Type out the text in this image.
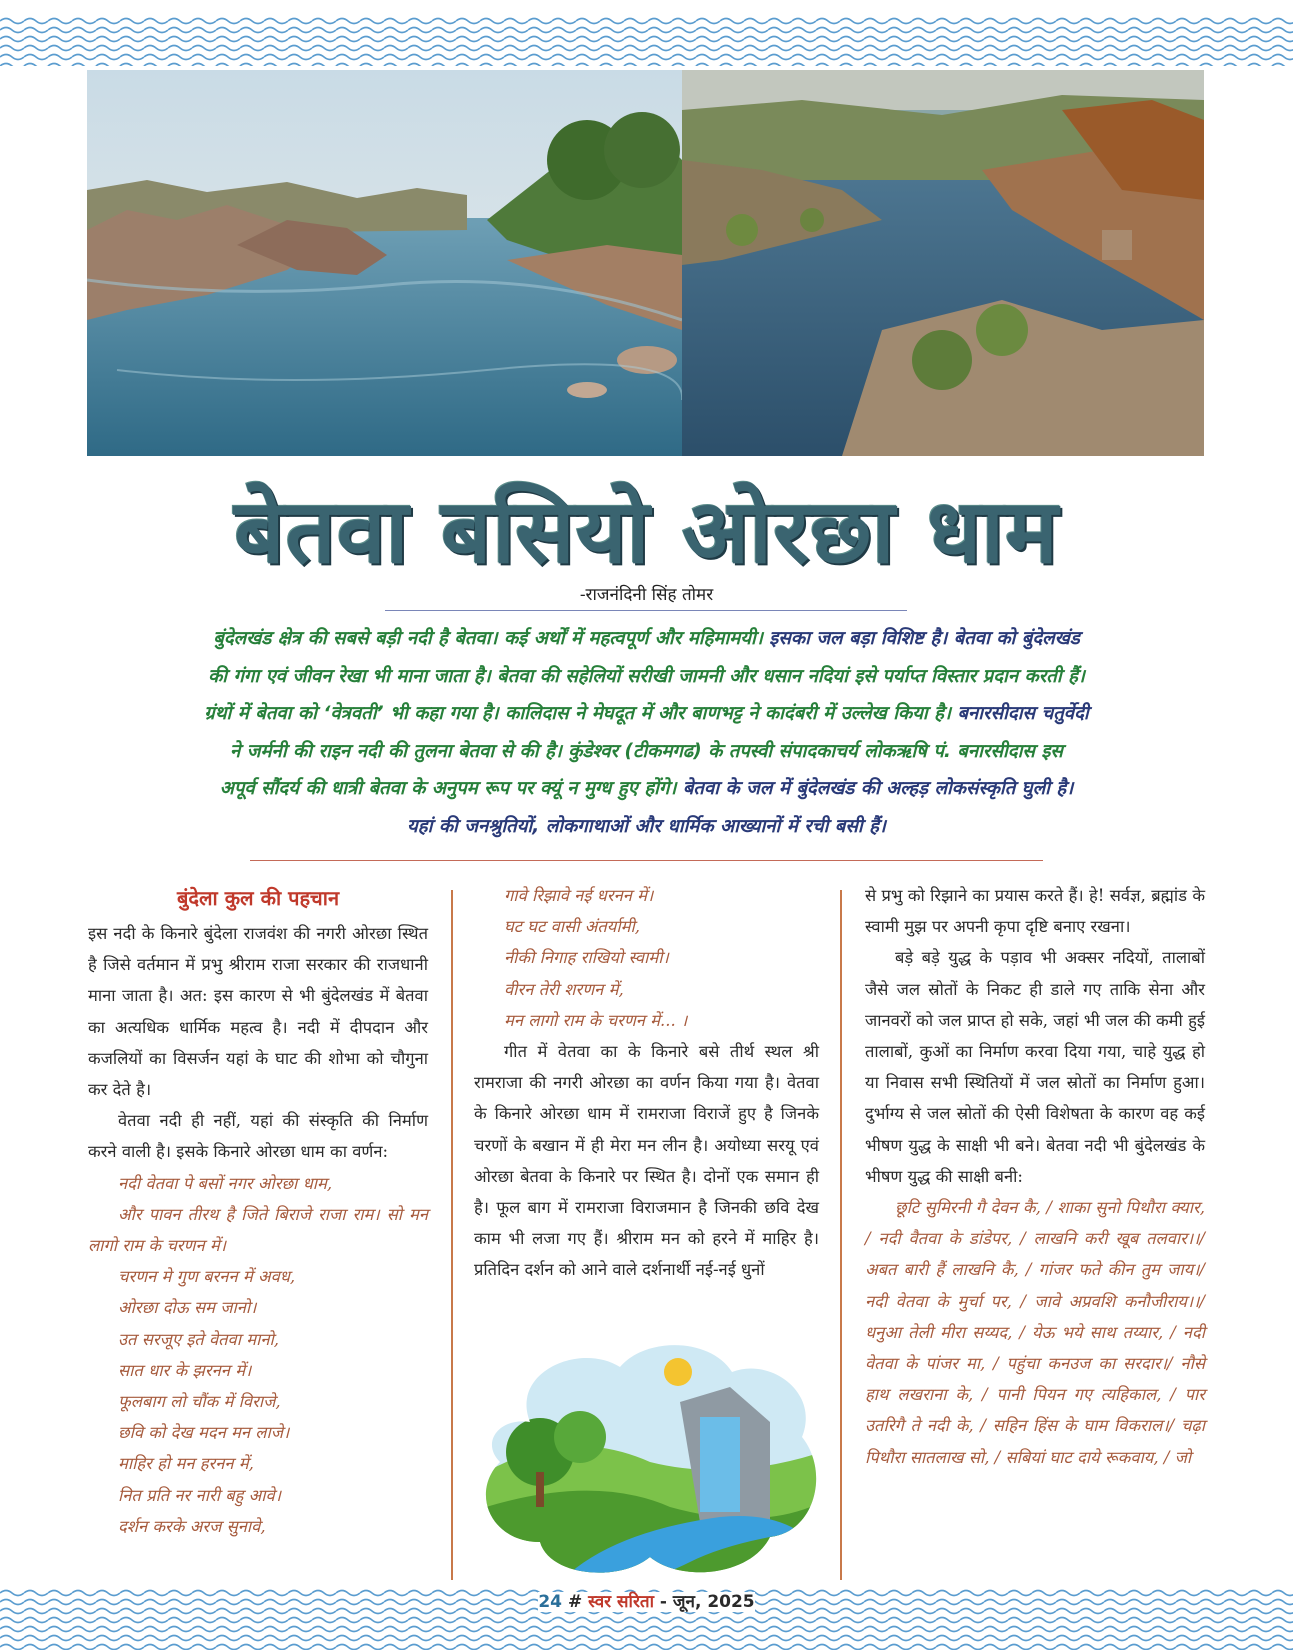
बेतवा बसियो ओरछा धाम
-राजनंदिनी सिंह तोमर
बुंदेलखंड क्षेत्र की सबसे बड़ी नदी है बेतवा। कई अर्थों में महत्वपूर्ण और महिमामयी। इसका जल बड़ा विशिष्ट है। बेतवा को बुंदेलखंड
की गंगा एवं जीवन रेखा भी माना जाता है। बेतवा की सहेलियों सरीखी जामनी और धसान नदियां इसे पर्याप्त विस्तार प्रदान करती हैं।
ग्रंथों में बेतवा को ‘वेत्रवती’ भी कहा गया है। कालिदास ने मेघदूत में और बाणभट्ट ने कादंबरी में उल्लेख किया है। बनारसीदास चतुर्वेदी
ने जर्मनी की राइन नदी की तुलना बेतवा से की है। कुंडेश्वर (टीकमगढ) के तपस्वी संपादकाचर्य लोकऋषि पं. बनारसीदास इस
अपूर्व सौंदर्य की धात्री बेतवा के अनुपम रूप पर क्यूं न मुग्ध हुए होंगे। बेतवा के जल में बुंदेलखंड की अल्हड़ लोकसंस्कृति घुली है।
यहां की जनश्रुतियों, लोकगाथाओं और धार्मिक आख्यानों में रची बसी हैं।
बुंदेला कुल की पहचान

इस नदी के किनारे बुंदेला राजवंश की नगरी ओरछा स्थित है जिसे वर्तमान में प्रभु श्रीराम राजा सरकार की राजधानी माना जाता है। अत: इस कारण से भी बुंदेलखंड में बेतवा का अत्यधिक धार्मिक महत्व है। नदी में दीपदान और कजलियों का विसर्जन यहां के घाट की शोभा को चौगुना कर देते है।

वेतवा नदी ही नहीं, यहां की संस्कृति की निर्माण करने वाली है। इसके किनारे ओरछा धाम का वर्णन:

नदी वेतवा पे बसों नगर ओरछा धाम,

और पावन तीरथ है जिते बिराजे राजा राम। सो मन लागो राम के चरणन में।

चरणन मे गुण बरनन में अवध,

ओरछा दोऊ सम जानो।

उत सरजूए इते वेतवा मानो,

सात धार के झरनन में।

फूलबाग लो चौंक में विराजे,

छवि को देख मदन मन लाजे।

माहिर हो मन हरनन में,

नित प्रति नर नारी बहु आवे।

दर्शन करके अरज सुनावे,

गावे रिझावे नई धरनन में।

घट घट वासी अंतर्यामी,

नीकी निगाह राखियो स्वामी।

वीरन तेरी शरणन में,

मन लागो राम के चरणन में... ।

गीत में वेतवा का के किनारे बसे तीर्थ स्थल श्री रामराजा की नगरी ओरछा का वर्णन किया गया है। वेतवा के किनारे ओरछा धाम में रामराजा विराजें हुए है जिनके चरणों के बखान में ही मेरा मन लीन है। अयोध्या सरयू एवं ओरछा बेतवा के किनारे पर स्थित है। दोनों एक समान ही है। फूल बाग में रामराजा विराजमान है जिनकी छवि देख काम भी लजा गए हैं। श्रीराम मन को हरने में माहिर है। प्रतिदिन दर्शन को आने वाले दर्शनार्थी नई-नई धुनों

से प्रभु को रिझाने का प्रयास करते हैं। हे! सर्वज्ञ, ब्रह्मांड के स्वामी मुझ पर अपनी कृपा दृष्टि बनाए रखना।

बड़े बड़े युद्ध के पड़ाव भी अक्सर नदियों, तालाबों जैसे जल स्रोतों के निकट ही डाले गए ताकि सेना और जानवरों को जल प्राप्त हो सके, जहां भी जल की कमी हुई तालाबों, कुओं का निर्माण करवा दिया गया, चाहे युद्ध हो या निवास सभी स्थितियों में जल स्रोतों का निर्माण हुआ। दुर्भाग्य से जल स्रोतों की ऐसी विशेषता के कारण वह कई भीषण युद्ध के साक्षी भी बने। बेतवा नदी भी बुंदेलखंड के भीषण युद्ध की साक्षी बनी:

छूटि सुमिरनी गै देवन कै, / शाका सुनो पिथौरा क्यार, / नदी वैतवा के डांडेपर, / लाखनि करी खूब तलवार।।/ अबत बारी हैं लाखनि कै, / गांजर फते कीन तुम जाय।/ नदी वेतवा के मुर्चा पर, / जावे अप्रवशि कनौजीराय।।/ धनुआ तेली मीरा सय्यद, / येऊ भये साथ तय्यार, / नदी वेतवा के पांजर मा, / पहुंचा कनउज का सरदार।/ नौसे हाथ लखराना के, / पानी पियन गए त्यहिकाल, / पार उतरिगै ते नदी के, / सहिन हिंस के घाम विकराल।/ चढ़ा पिथौरा सातलाख सो, / सबियां घाट दाये रूकवाय, / जो

24 # स्वर सरिता - जून, 2025
